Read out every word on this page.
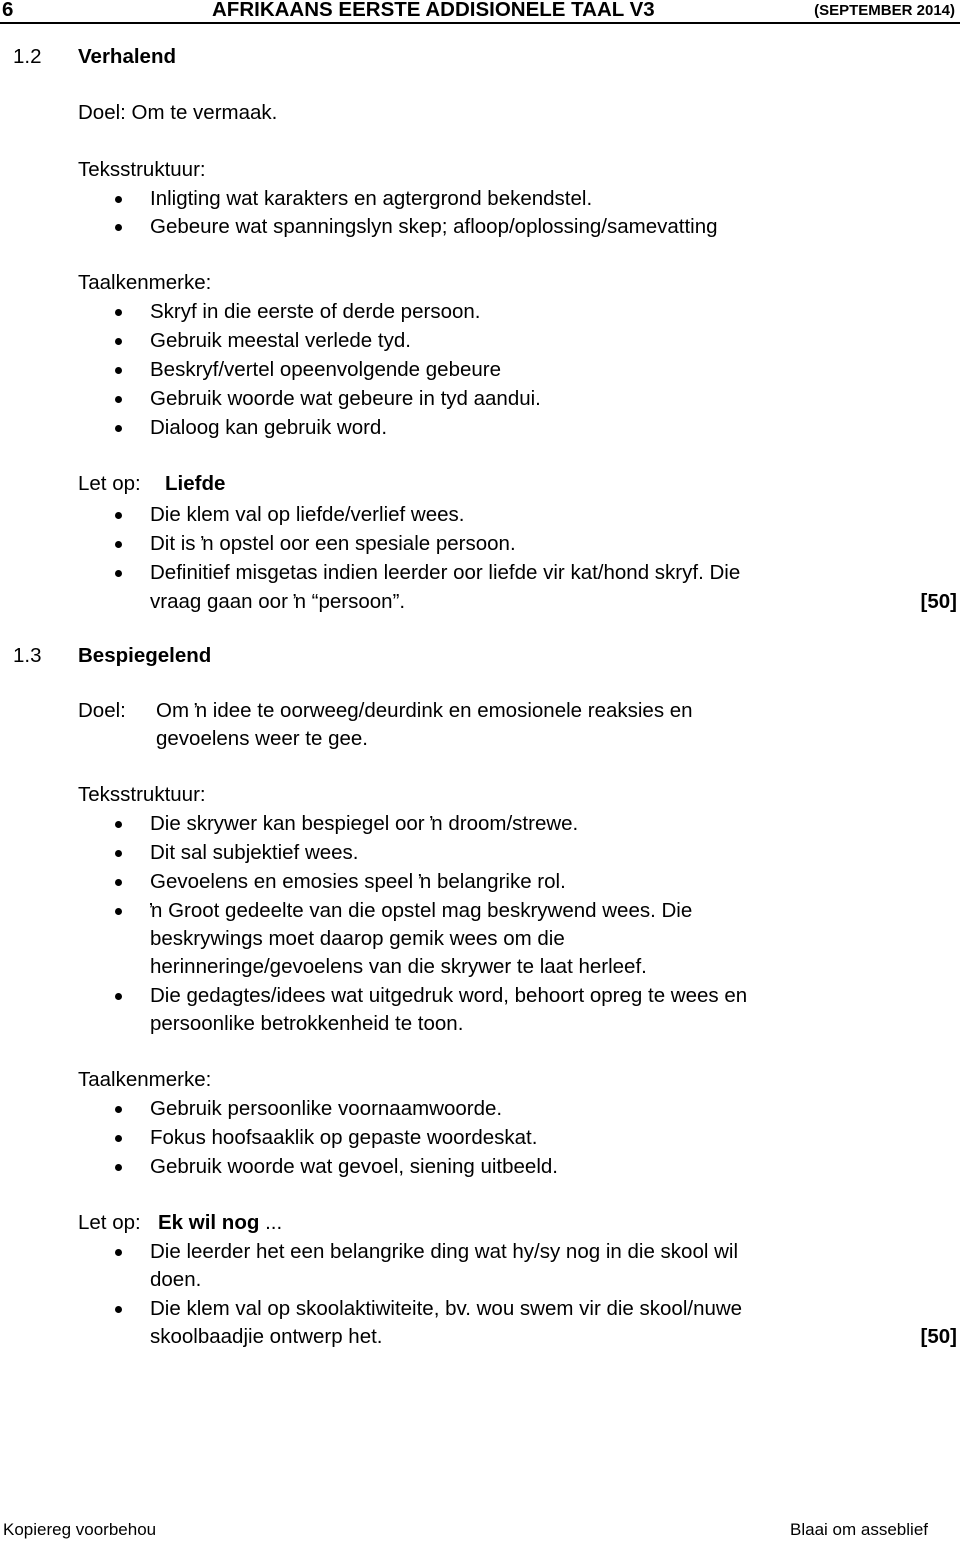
6	AFRIKAANS EERSTE ADDISIONELE TAAL V3	(SEPTEMBER 2014)
1.2 Verhalend
Doel: Om te vermaak.
Teksstruktuur:
Inligting wat karakters en agtergrond bekendstel.
Gebeure wat spanningslyn skep; afloop/oplossing/samevatting
Taalkenmerke:
Skryf in die eerste of derde persoon.
Gebruik meestal verlede tyd.
Beskryf/vertel opeenvolgende gebeure
Gebruik woorde wat gebeure in tyd aandui.
Dialoog kan gebruik word.
Let op: Liefde
Die klem val op liefde/verlief wees.
Dit is ŉ opstel oor een spesiale persoon.
Definitief misgetas indien leerder oor liefde vir kat/hond skryf. Die
vraag gaan oor ŉ “persoon”.	[50]
1.3 Bespiegelend
Doel: Om ŉ idee te oorweeg/deurdink en emosionele reaksies en
gevoelens weer te gee.
Teksstruktuur:
Die skrywer kan bespiegel oor ŉ droom/strewe.
Dit sal subjektief wees.
Gevoelens en emosies speel ŉ belangrike rol.
ŉ Groot gedeelte van die opstel mag beskrywend wees. Die
beskrywings moet daarop gemik wees om die
herinneringe/gevoelens van die skrywer te laat herleef.
Die gedagtes/idees wat uitgedruk word, behoort opreg te wees en
persoonlike betrokkenheid te toon.
Taalkenmerke:
Gebruik persoonlike voornaamwoorde.
Fokus hoofsaaklik op gepaste woordeskat.
Gebruik woorde wat gevoel, siening uitbeeld.
Let op: Ek wil nog ...
Die leerder het een belangrike ding wat hy/sy nog in die skool wil
doen.
Die klem val op skoolaktiwiteite, bv. wou swem vir die skool/nuwe
skoolbaadjie ontwerp het.	[50]
Kopiereg voorbehou	Blaai om asseblief
